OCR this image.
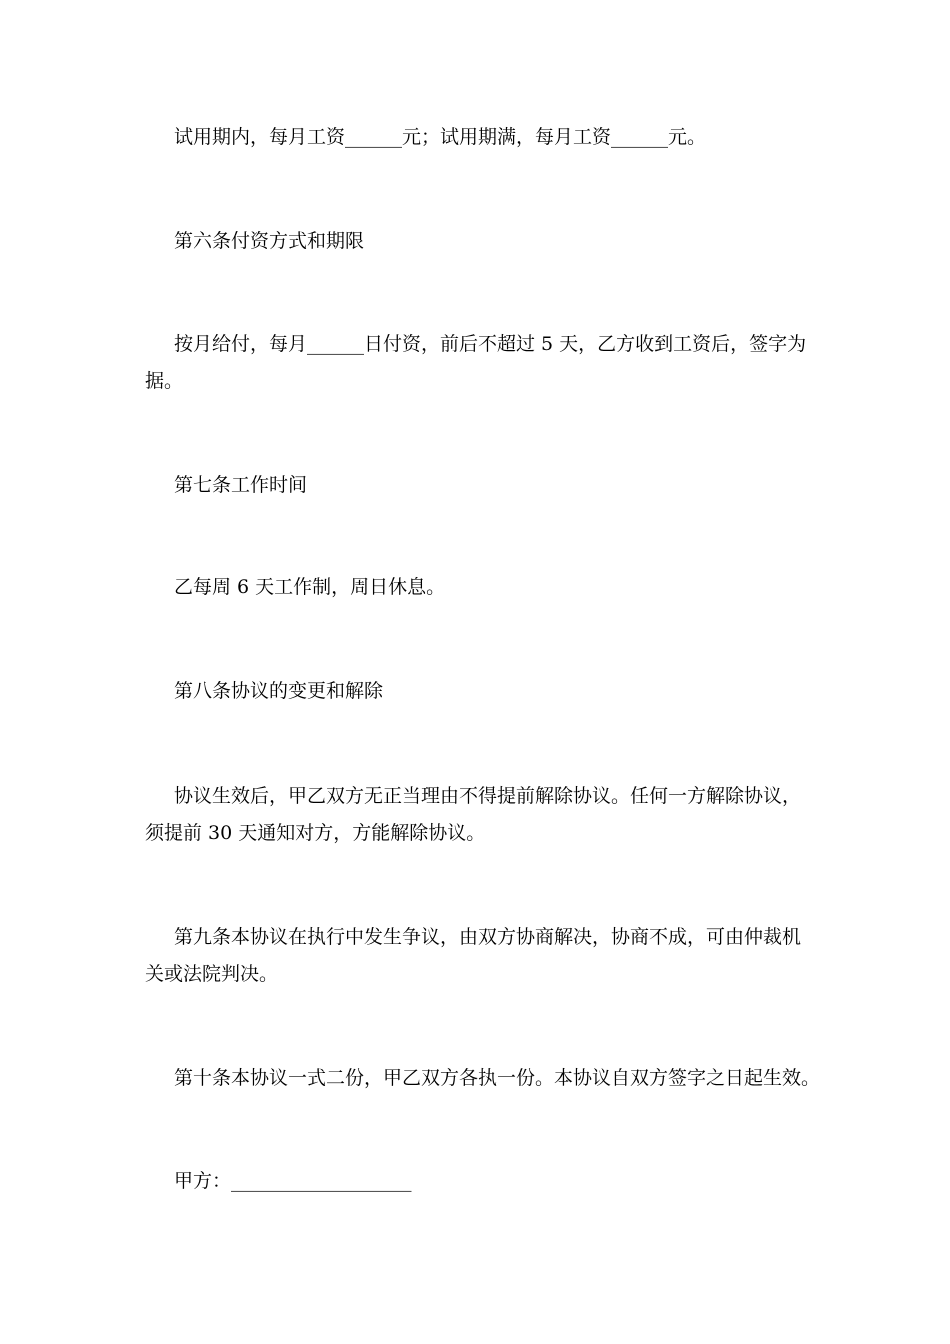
试用期内，每月工资______元；试用期满，每月工资______元。
第六条付资方式和期限
按月给付，每月______日付资，前后不超过 5 天，乙方收到工资后，签字为
据。
第七条工作时间
乙每周 6 天工作制，周日休息。
第八条协议的变更和解除
协议生效后，甲乙双方无正当理由不得提前解除协议。任何一方解除协议，
须提前 30 天通知对方，方能解除协议。
第九条本协议在执行中发生争议，由双方协商解决，协商不成，可由仲裁机
关或法院判决。
第十条本协议一式二份，甲乙双方各执一份。本协议自双方签字之日起生效。
甲方：___________________
